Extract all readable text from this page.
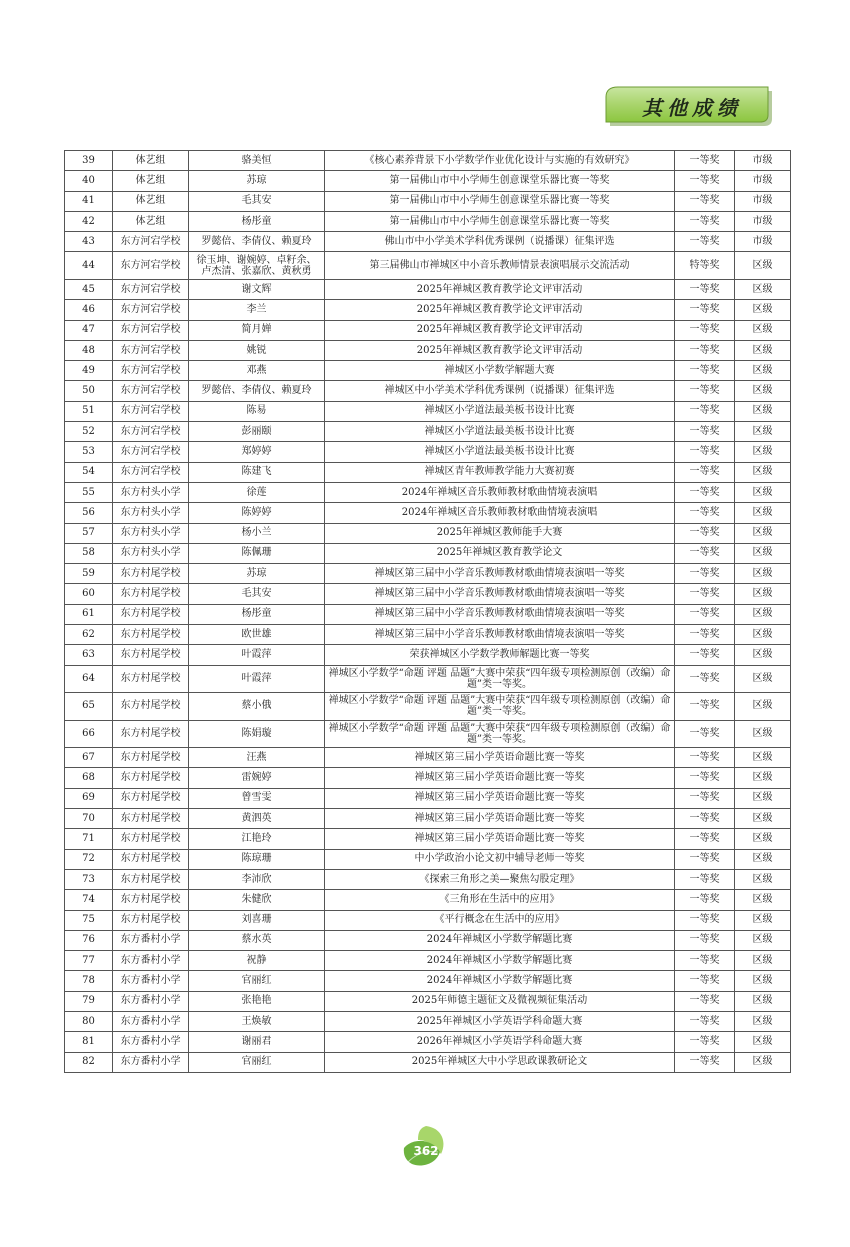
其他成绩
39	体艺组	骆美恒	《核心素养背景下小学数学作业优化设计与实施的有效研究》	一等奖	市级
40	体艺组	苏琼	第一届佛山市中小学师生创意课堂乐器比赛一等奖	一等奖	市级
41	体艺组	毛其安	第一届佛山市中小学师生创意课堂乐器比赛一等奖	一等奖	市级
42	体艺组	杨彤童	第一届佛山市中小学师生创意课堂乐器比赛一等奖	一等奖	市级
43	东方河宕学校	罗懿倍、李倩仪、赖夏玲	佛山市中小学美术学科优秀课例（说播课）征集评选	一等奖	市级
44	东方河宕学校	徐玉坤、谢婉婷、卓籽余、卢杰清、张嘉欣、黄秋勇	第三届佛山市禅城区中小音乐教师情景表演唱展示交流活动	特等奖	区级
45	东方河宕学校	谢文辉	2025年禅城区教育教学论文评审活动	一等奖	区级
46	东方河宕学校	李兰	2025年禅城区教育教学论文评审活动	一等奖	区级
47	东方河宕学校	简月婵	2025年禅城区教育教学论文评审活动	一等奖	区级
48	东方河宕学校	姚锐	2025年禅城区教育教学论文评审活动	一等奖	区级
49	东方河宕学校	邓燕	禅城区小学数学解题大赛	一等奖	区级
50	东方河宕学校	罗懿倍、李倩仪、赖夏玲	禅城区中小学美术学科优秀课例（说播课）征集评选	一等奖	区级
51	东方河宕学校	陈易	禅城区小学道法最美板书设计比赛	一等奖	区级
52	东方河宕学校	彭丽颐	禅城区小学道法最美板书设计比赛	一等奖	区级
53	东方河宕学校	郑婷婷	禅城区小学道法最美板书设计比赛	一等奖	区级
54	东方河宕学校	陈建飞	禅城区青年教师教学能力大赛初赛	一等奖	区级
55	东方村头小学	徐莲	2024年禅城区音乐教师教材歌曲情境表演唱	一等奖	区级
56	东方村头小学	陈婷婷	2024年禅城区音乐教师教材歌曲情境表演唱	一等奖	区级
57	东方村头小学	杨小兰	2025年禅城区教师能手大赛	一等奖	区级
58	东方村头小学	陈佩珊	2025年禅城区教育教学论文	一等奖	区级
59	东方村尾学校	苏琼	禅城区第三届中小学音乐教师教材歌曲情境表演唱一等奖	一等奖	区级
60	东方村尾学校	毛其安	禅城区第三届中小学音乐教师教材歌曲情境表演唱一等奖	一等奖	区级
61	东方村尾学校	杨彤童	禅城区第三届中小学音乐教师教材歌曲情境表演唱一等奖	一等奖	区级
62	东方村尾学校	欧世雄	禅城区第三届中小学音乐教师教材歌曲情境表演唱一等奖	一等奖	区级
63	东方村尾学校	叶霞萍	荣获禅城区小学数学教师解题比赛一等奖	一等奖	区级
64	东方村尾学校	叶霞萍	禅城区小学数学“命题 评题 品题”大赛中荣获“四年级专项检测原创（改编）命题”类一等奖。	一等奖	区级
65	东方村尾学校	蔡小俄	禅城区小学数学“命题 评题 品题”大赛中荣获“四年级专项检测原创（改编）命题”类一等奖。	一等奖	区级
66	东方村尾学校	陈娟璇	禅城区小学数学“命题 评题 品题”大赛中荣获“四年级专项检测原创（改编）命题”类一等奖。	一等奖	区级
67	东方村尾学校	汪燕	禅城区第三届小学英语命题比赛一等奖	一等奖	区级
68	东方村尾学校	雷婉婷	禅城区第三届小学英语命题比赛一等奖	一等奖	区级
69	东方村尾学校	曾雪雯	禅城区第三届小学英语命题比赛一等奖	一等奖	区级
70	东方村尾学校	黄泗英	禅城区第三届小学英语命题比赛一等奖	一等奖	区级
71	东方村尾学校	江艳玲	禅城区第三届小学英语命题比赛一等奖	一等奖	区级
72	东方村尾学校	陈琼珊	中小学政治小论文初中辅导老师一等奖	一等奖	区级
73	东方村尾学校	李沛欣	《探索三角形之美—聚焦勾股定理》	一等奖	区级
74	东方村尾学校	朱健欣	《三角形在生活中的应用》	一等奖	区级
75	东方村尾学校	刘喜珊	《平行概念在生活中的应用》	一等奖	区级
76	东方番村小学	蔡水英	2024年禅城区小学数学解题比赛	一等奖	区级
77	东方番村小学	祝静	2024年禅城区小学数学解题比赛	一等奖	区级
78	东方番村小学	官丽红	2024年禅城区小学数学解题比赛	一等奖	区级
79	东方番村小学	张艳艳	2025年师德主题征文及微视频征集活动	一等奖	区级
80	东方番村小学	王焕敏	2025年禅城区小学英语学科命题大赛	一等奖	区级
81	东方番村小学	谢丽君	2026年禅城区小学英语学科命题大赛	一等奖	区级
82	东方番村小学	官丽红	2025年禅城区大中小学思政课教研论文	一等奖	区级
362
